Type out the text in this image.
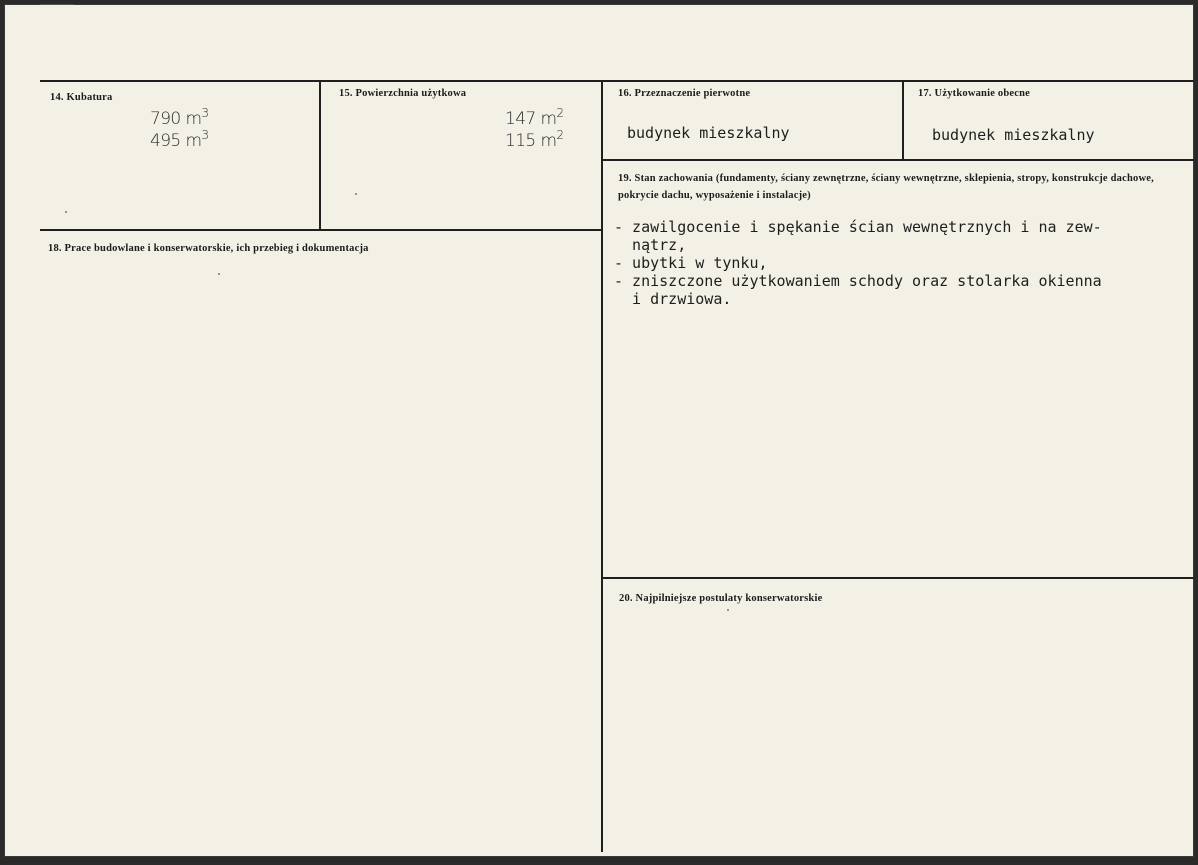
14. Kubatura
790 $m^3$
495 $m^3$
15. Powierzchnia użytkowa
147 $m^2$
115 $m^2$
16. Przeznaczenie pierwotne
budynek mieszkalny
17. Użytkowanie obecne
budynek mieszkalny
18. Prace budowlane i konserwatorskie, ich przebieg i dokumentacja
19. Stan zachowania (fundamenty, ściany zewnętrzne, ściany wewnętrzne, sklepienia, stropy, konstrukcje dachowe, pokrycie dachu, wyposażenie i instalacje)
- zawilgocenie i spękanie ścian wewnętrznych i na zew-
nątrz,
- ubytki w tynku,
- zniszczone użytkowaniem schody oraz stolarka okienna
i drzwiowa.
20. Najpilniejsze postulaty konserwatorskie
